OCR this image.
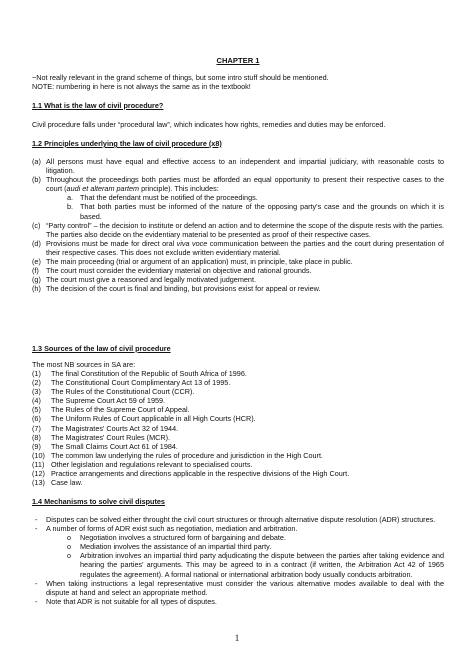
CHAPTER 1
~Not really relevant in the grand scheme of things, but some intro stuff should be mentioned.
NOTE: numbering in here is not always the same as in the textbook!
1.1 What is the law of civil procedure?
Civil procedure falls under “procedural law”, which indicates how rights, remedies and duties may be enforced.
1.2 Principles underlying the law of civil procedure (x8)
(a) All persons must have equal and effective access to an independent and impartial judiciary, with reasonable costs to litigation.
(b) Throughout the proceedings both parties must be afforded an equal opportunity to present their respective cases to the court (audi et alteram partem principle). This includes:
a. That the defendant must be notified of the proceedings.
b. That both parties must be informed of the nature of the opposing party's case and the grounds on which it is based.
(c) “Party control” – the decision to institute or defend an action and to determine the scope of the dispute rests with the parties. The parties also decide on the evidentiary material to be presented as proof of their respective cases.
(d) Provisions must be made for direct oral viva voce communication between the parties and the court during presentation of their respective cases. This does not exclude written evidentiary material.
(e) The main proceeding (trial or argument of an application) must, in principle, take place in public.
(f) The court must consider the evidentiary material on objective and rational grounds.
(g) The court must give a reasoned and legally motivated judgement.
(h) The decision of the court is final and binding, but provisions exist for appeal or review.
1.3 Sources of the law of civil procedure
The most NB sources in SA are:
(1) The final Constitution of the Republic of South Africa of 1996.
(2) The Constitutional Court Complimentary Act 13 of 1995.
(3) The Rules of the Constitutional Court (CCR).
(4) The Supreme Court Act 59 of 1959.
(5) The Rules of the Supreme Court of Appeal.
(6) The Uniform Rules of Court applicable in all High Courts (HCR).
(7) The Magistrates' Courts Act 32 of 1944.
(8) The Magistrates' Court Rules (MCR).
(9) The Small Claims Court Act 61 of 1984.
(10) The common law underlying the rules of procedure and jurisdiction in the High Court.
(11) Other legislation and regulations relevant to specialised courts.
(12) Practice arrangements and directions applicable in the respective divisions of the High Court.
(13) Case law.
1.4 Mechanisms to solve civil disputes
- Disputes can be solved either throught the civil court structures or through alternative dispute resolution (ADR) structures.
- A number of forms of ADR exist such as negotiation, mediation and arbitration.
o Negotiation involves a structured form of bargaining and debate.
o Mediation involves the assistance of an impartial third party.
o Arbitration involves an impartial third party adjudicating the dispute between the parties after taking evidence and hearing the parties' arguments. This may be agreed to in a contract (if written, the Arbitration Act 42 of 1965 regulates the agreement). A formal national or international arbitration body usually conducts arbitration.
- When taking instructions a legal representative must consider the various alternative modes available to deal with the dispute at hand and select an appropriate method.
- Note that ADR is not suitable for all types of disputes.
1
